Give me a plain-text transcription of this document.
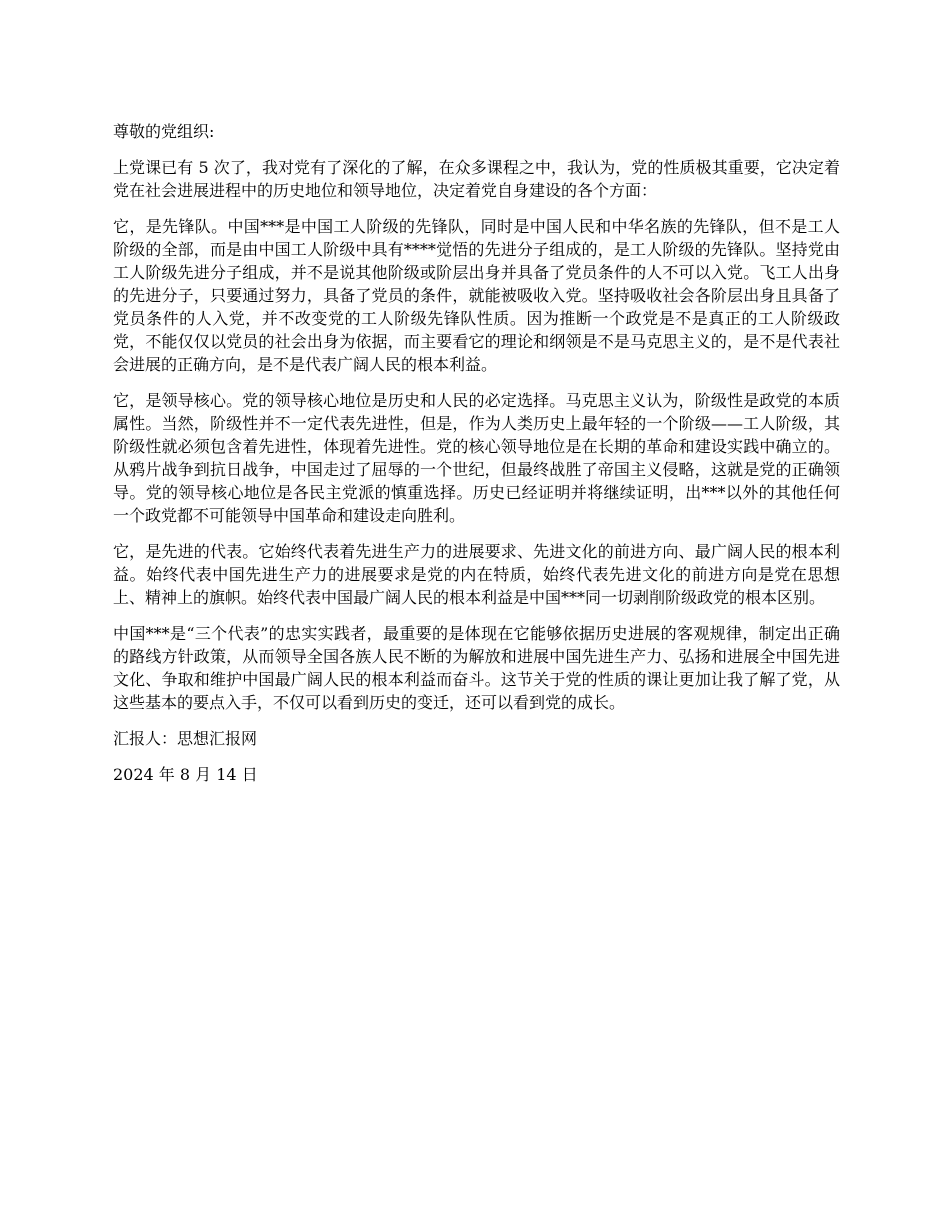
尊敬的党组织:

上党课已有 5 次了，我对党有了深化的了解，在众多课程之中，我认为，党的性质极其重要，它决定着党在社会进展进程中的历史地位和领导地位，决定着党自身建设的各个方面：

它，是先锋队。中国***是中国工人阶级的先锋队，同时是中国人民和中华名族的先锋队，但不是工人阶级的全部，而是由中国工人阶级中具有****觉悟的先进分子组成的，是工人阶级的先锋队。坚持党由工人阶级先进分子组成，并不是说其他阶级或阶层出身并具备了党员条件的人不可以入党。飞工人出身的先进分子，只要通过努力，具备了党员的条件，就能被吸收入党。坚持吸收社会各阶层出身且具备了党员条件的人入党，并不改变党的工人阶级先锋队性质。因为推断一个政党是不是真正的工人阶级政党，不能仅仅以党员的社会出身为依据，而主要看它的理论和纲领是不是马克思主义的，是不是代表社会进展的正确方向，是不是代表广阔人民的根本利益。

它，是领导核心。党的领导核心地位是历史和人民的必定选择。马克思主义认为，阶级性是政党的本质属性。当然，阶级性并不一定代表先进性，但是，作为人类历史上最年轻的一个阶级——工人阶级，其阶级性就必须包含着先进性，体现着先进性。党的核心领导地位是在长期的革命和建设实践中确立的。从鸦片战争到抗日战争，中国走过了屈辱的一个世纪，但最终战胜了帝国主义侵略，这就是党的正确领导。党的领导核心地位是各民主党派的慎重选择。历史已经证明并将继续证明，出***以外的其他任何一个政党都不可能领导中国革命和建设走向胜利。

它，是先进的代表。它始终代表着先进生产力的进展要求、先进文化的前进方向、最广阔人民的根本利益。始终代表中国先进生产力的进展要求是党的内在特质，始终代表先进文化的前进方向是党在思想上、精神上的旗帜。始终代表中国最广阔人民的根本利益是中国***同一切剥削阶级政党的根本区别。

中国***是“三个代表”的忠实实践者，最重要的是体现在它能够依据历史进展的客观规律，制定出正确的路线方针政策，从而领导全国各族人民不断的为解放和进展中国先进生产力、弘扬和进展全中国先进文化、争取和维护中国最广阔人民的根本利益而奋斗。这节关于党的性质的课让更加让我了解了党，从这些基本的要点入手，不仅可以看到历史的变迁，还可以看到党的成长。

汇报人：思想汇报网

2024 年 8 月 14 日
